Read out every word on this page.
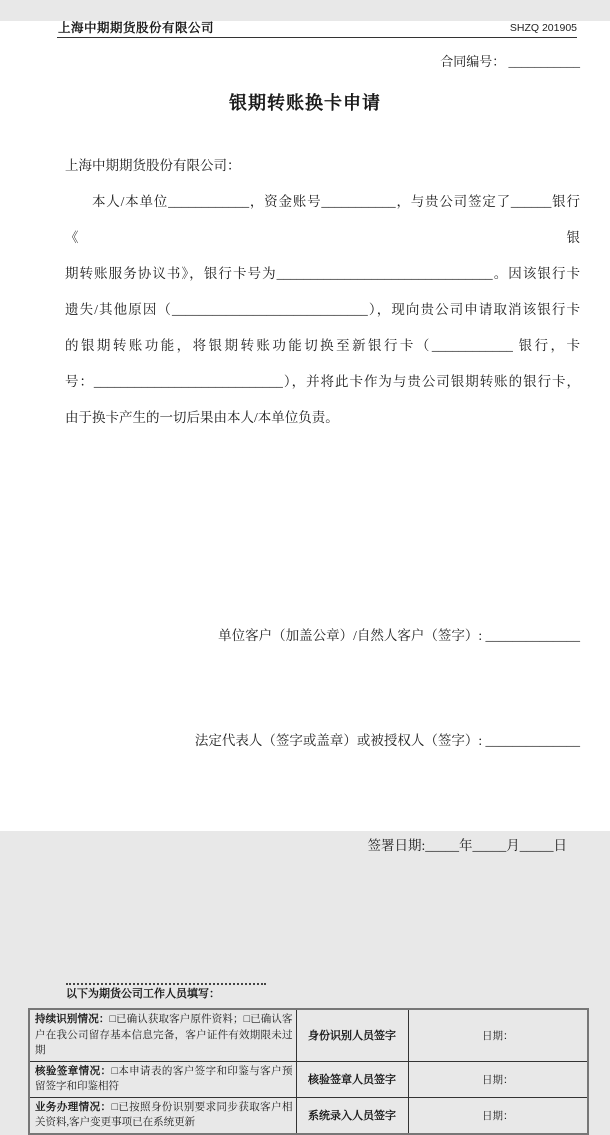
上海中期期货股份有限公司	SHZQ 201905
合同编号： ___________
银期转账换卡申请
上海中期期货股份有限公司：
本人/本单位____________，资金账号___________，与贵公司签定了______银行《银
期转账服务协议书》，银行卡号为________________________________。因该银行卡
遗失/其他原因（_____________________________），现向贵公司申请取消该银行卡
的银期转账功能，将银期转账功能切换至新银行卡（____________ 银行，卡
号：____________________________），并将此卡作为与贵公司银期转账的银行卡，
由于换卡产生的一切后果由本人/本单位负责。

单位客户（加盖公章）/自然人客户（签字）: ______________

法定代表人（签字或盖章）或被授权人（签字）: ______________

签署日期:_____年_____月_____日

以下为期货公司工作人员填写：
持续识别情况：□已确认获取客户原件资料；□已确认客户在我公司留存基本信息完备，客户证件有效期限未过期	身份识别人员签字	日期：
核验签章情况：□本申请表的客户签字和印鉴与客户预留签字和印鉴相符	核验签章人员签字	日期：
业务办理情况：□已按照身份识别要求同步获取客户相关资料,客户变更事项已在系统更新	系统录入人员签字	日期：
